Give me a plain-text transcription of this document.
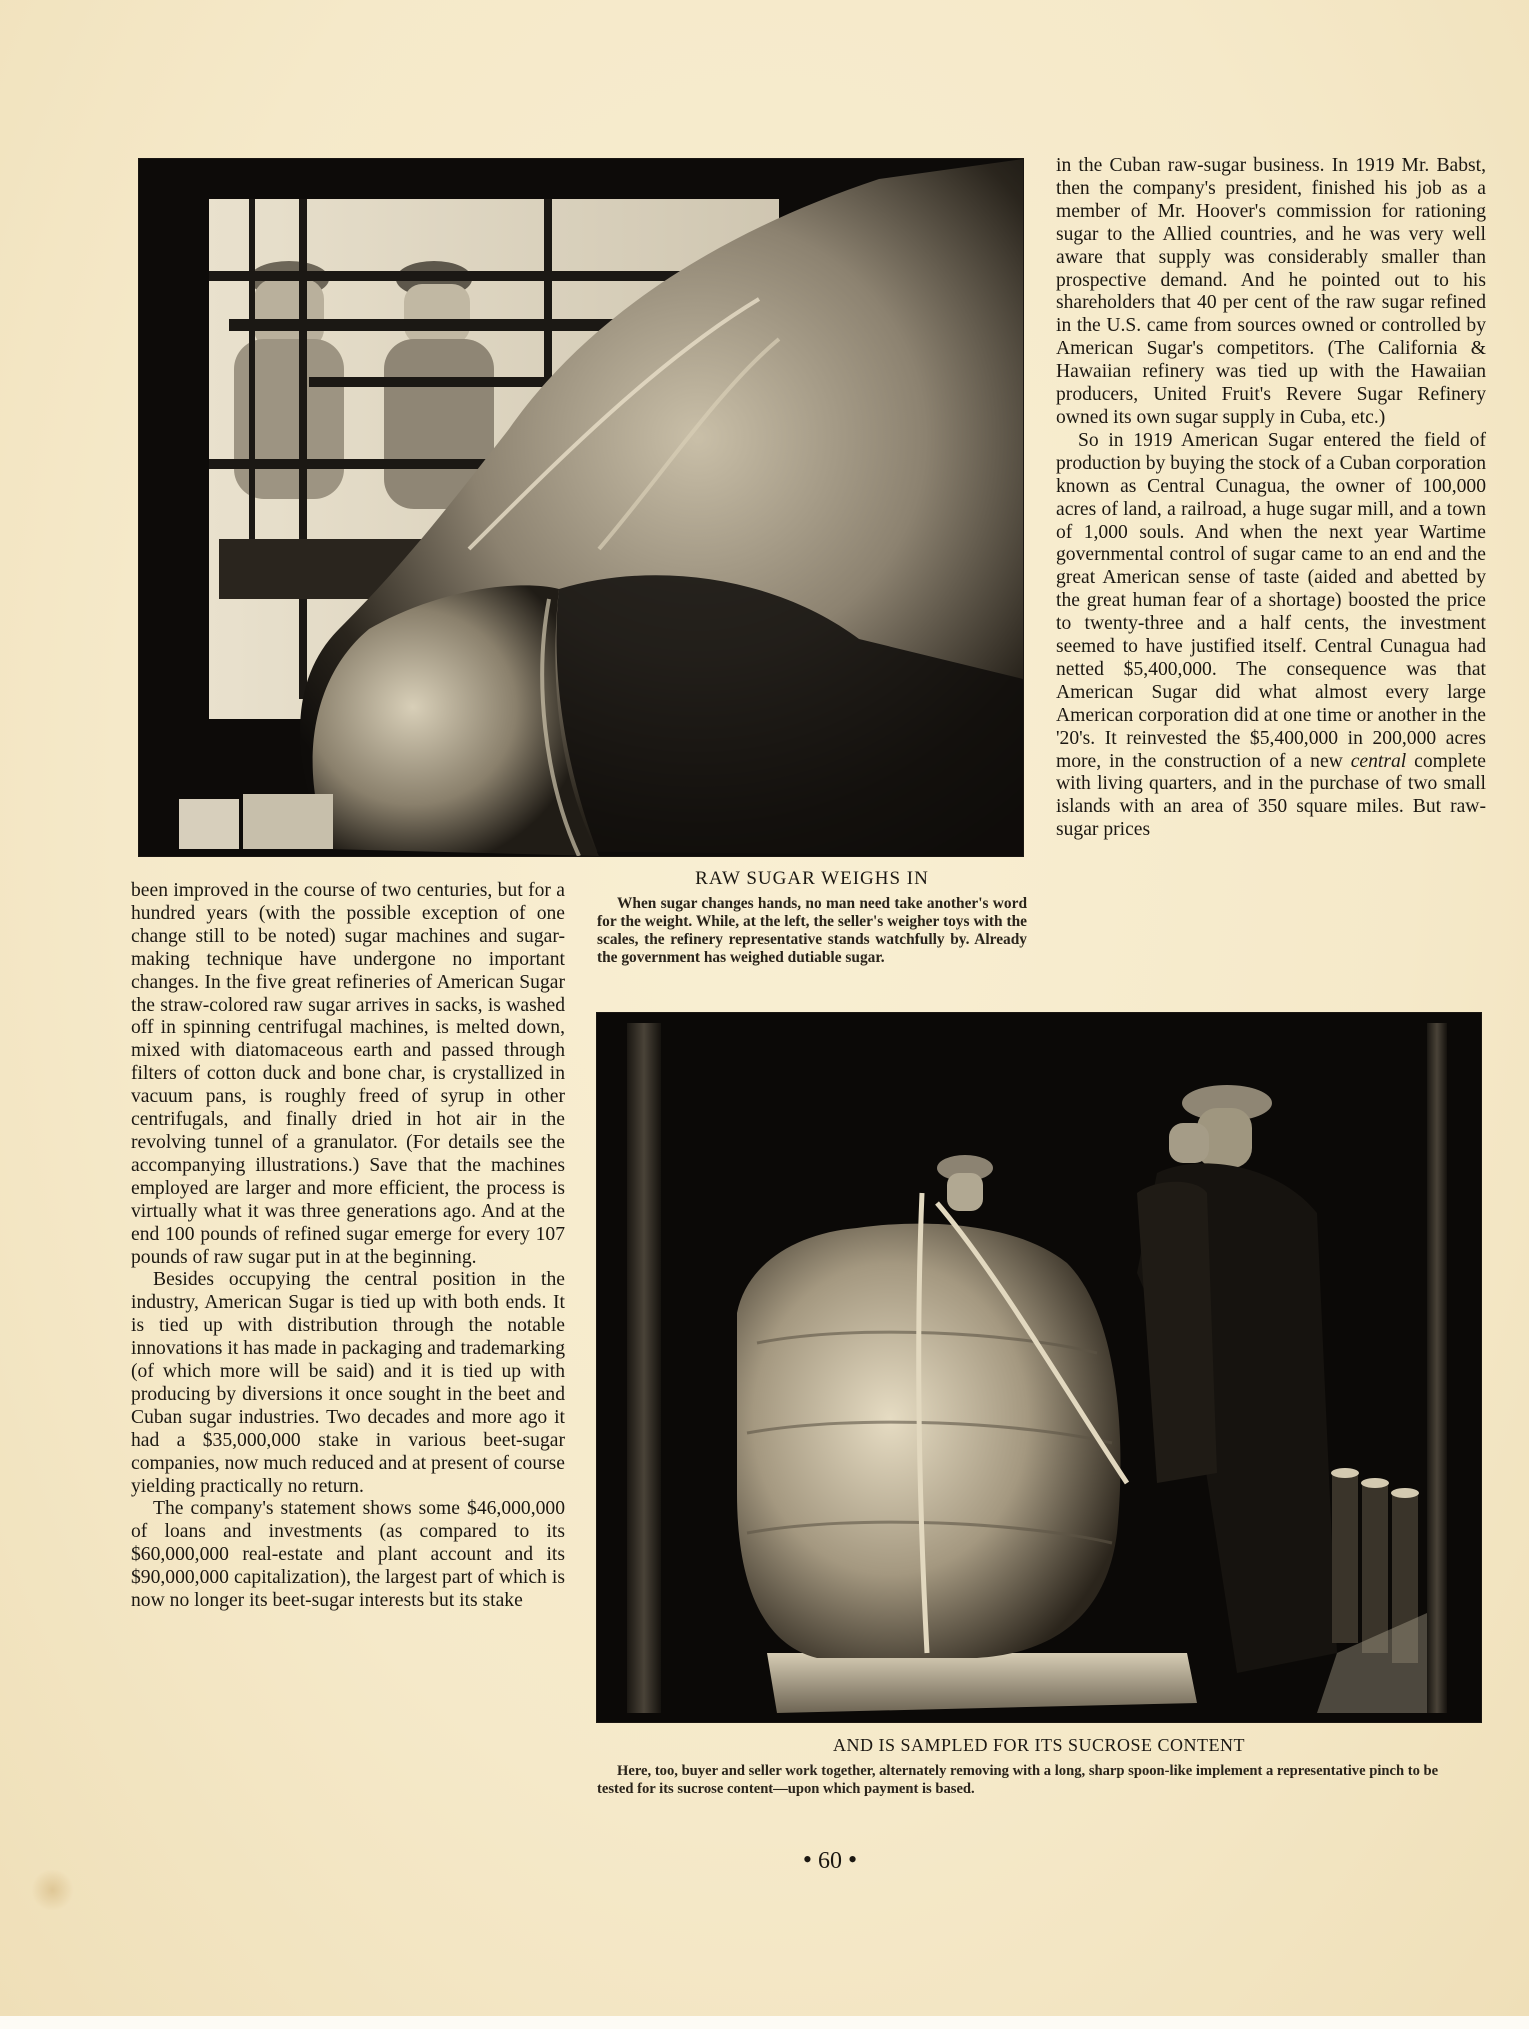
RAW SUGAR WEIGHS IN
When sugar changes hands, no man need take another's word for the weight. While, at the left, the seller's weigher toys with the scales, the refinery representative stands watchfully by. Already the government has weighed dutiable sugar.

in the Cuban raw-sugar business. In 1919 Mr. Babst, then the company's president, finished his job as a member of Mr. Hoover's commission for rationing sugar to the Allied countries, and he was very well aware that supply was considerably smaller than prospective demand. And he pointed out to his shareholders that 40 per cent of the raw sugar refined in the U.S. came from sources owned or controlled by American Sugar's competitors. (The California & Hawaiian refinery was tied up with the Hawaiian producers, United Fruit's Revere Sugar Refinery owned its own sugar supply in Cuba, etc.)

So in 1919 American Sugar entered the field of production by buying the stock of a Cuban corporation known as Central Cunagua, the owner of 100,000 acres of land, a railroad, a huge sugar mill, and a town of 1,000 souls. And when the next year Wartime governmental control of sugar came to an end and the great American sense of taste (aided and abetted by the great human fear of a shortage) boosted the price to twenty-three and a half cents, the investment seemed to have justified itself. Central Cunagua had netted $5,400,000. The consequence was that American Sugar did what almost every large American corporation did at one time or another in the '20's. It reinvested the $5,400,000 in 200,000 acres more, in the construction of a new central complete with living quarters, and in the purchase of two small islands with an area of 350 square miles. But raw-sugar prices

been improved in the course of two centuries, but for a hundred years (with the possible exception of one change still to be noted) sugar machines and sugar-making technique have undergone no important changes. In the five great refineries of American Sugar the straw-colored raw sugar arrives in sacks, is washed off in spinning centrifugal machines, is melted down, mixed with diatomaceous earth and passed through filters of cotton duck and bone char, is crystallized in vacuum pans, is roughly freed of syrup in other centrifugals, and finally dried in hot air in the revolving tunnel of a granulator. (For details see the accompanying illustrations.) Save that the machines employed are larger and more efficient, the process is virtually what it was three generations ago. And at the end 100 pounds of refined sugar emerge for every 107 pounds of raw sugar put in at the beginning.

Besides occupying the central position in the industry, American Sugar is tied up with both ends. It is tied up with distribution through the notable innovations it has made in packaging and trademarking (of which more will be said) and it is tied up with producing by diversions it once sought in the beet and Cuban sugar industries. Two decades and more ago it had a $35,000,000 stake in various beet-sugar companies, now much reduced and at present of course yielding practically no return.

The company's statement shows some $46,000,000 of loans and investments (as compared to its $60,000,000 real-estate and plant account and its $90,000,000 capitalization), the largest part of which is now no longer its beet-sugar interests but its stake

AND IS SAMPLED FOR ITS SUCROSE CONTENT
Here, too, buyer and seller work together, alternately removing with a long, sharp spoon-like implement a representative pinch to be tested for its sucrose content—upon which payment is based.
• 60 •
